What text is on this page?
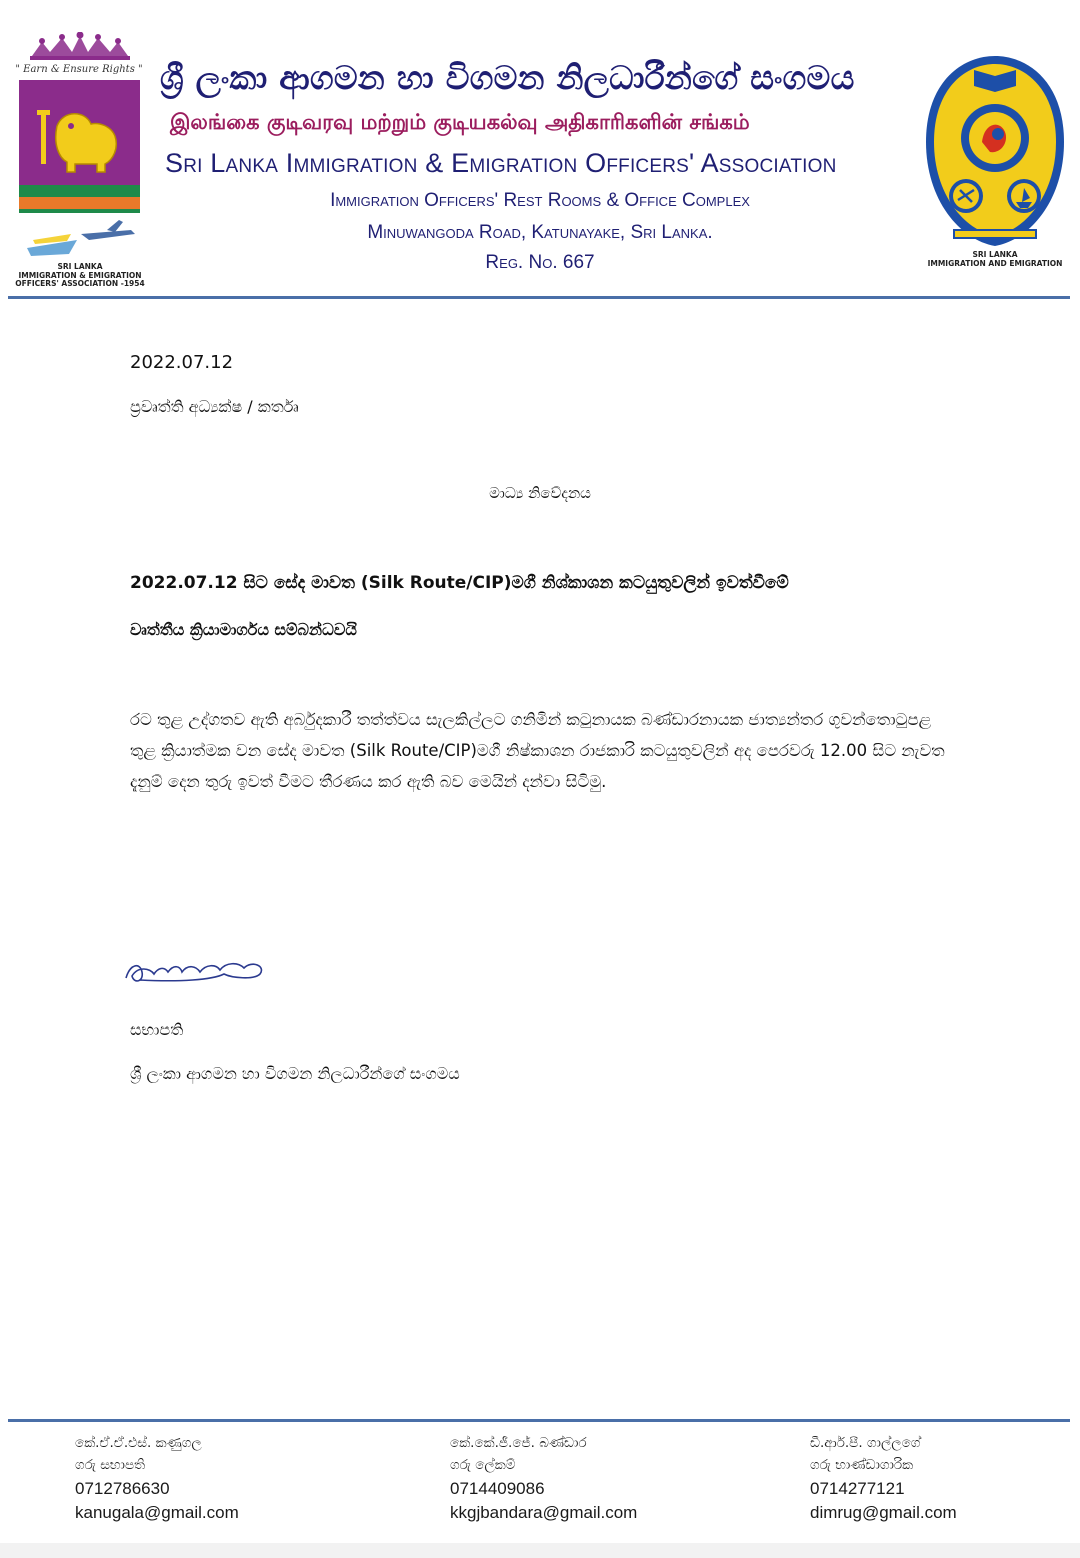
" Earn & Ensure Rights "
SRI LANKA
IMMIGRATION & EMIGRATION
OFFICERS' ASSOCIATION -1954
ශ්‍රී ලංකා ආගමන හා විගමන නිලධාරීන්ගේ සංගමය
இலங்கை குடிவரவு மற்றும் குடியகல்வு அதிகாரிகளின் சங்கம்
Sri Lanka Immigration & Emigration Officers' Association
Immigration Officers' Rest Rooms & Office Complex
Minuwangoda Road, Katunayake, Sri Lanka.
Reg. No. 667	SRI LANKA
IMMIGRATION AND EMIGRATION
2022.07.12
ප්‍රවෘත්ති අධ්‍යක්ෂ / කර්තෘ
මාධ්‍ය නිවේදනය
2022.07.12 සිට සේද මාවත (Silk Route/CIP)මගී නිශ්කාශන කටයුතුවලින් ඉවත්වීමේ
වෘත්තීය ක්‍රියාමාර්ගය සම්බන්ධවයි
රට තුළ උද්ගතව ඇති අර්බුදකාරී තත්ත්වය සැලකිල්ලට ගනිමින් කටුනායක බණ්ඩාරනායක ජාත්‍යන්තර ගුවන්තොටුපළ තුළ ක්‍රියාත්මක වන සේද මාවත (Silk Route/CIP)මගී නිෂ්කාශන රාජකාරි කටයුතුවලින් අද පෙරවරු 12.00 සිට නැවත දැනුම් දෙන තුරු ඉවත් වීමට තීරණය කර ඇති බව මෙයින් දන්වා සිටිමු.
සභාපති
ශ්‍රී ලංකා ආගමන හා විගමන නිලධාරීන්ගේ සංගමය
කේ.ඒ.ඒ.එස්. කණුගල
ගරු සභාපති
0712786630
kanugala@gmail.com
කේ.කේ.ජී.ජේ. බණ්ඩාර
ගරු ලේකම්
0714409086
kkgjbandara@gmail.com
ඩී.ආර්.පී. ගාල්ලගේ
ගරු භාණ්ඩාගාරික
0714277121
dimrug@gmail.com
